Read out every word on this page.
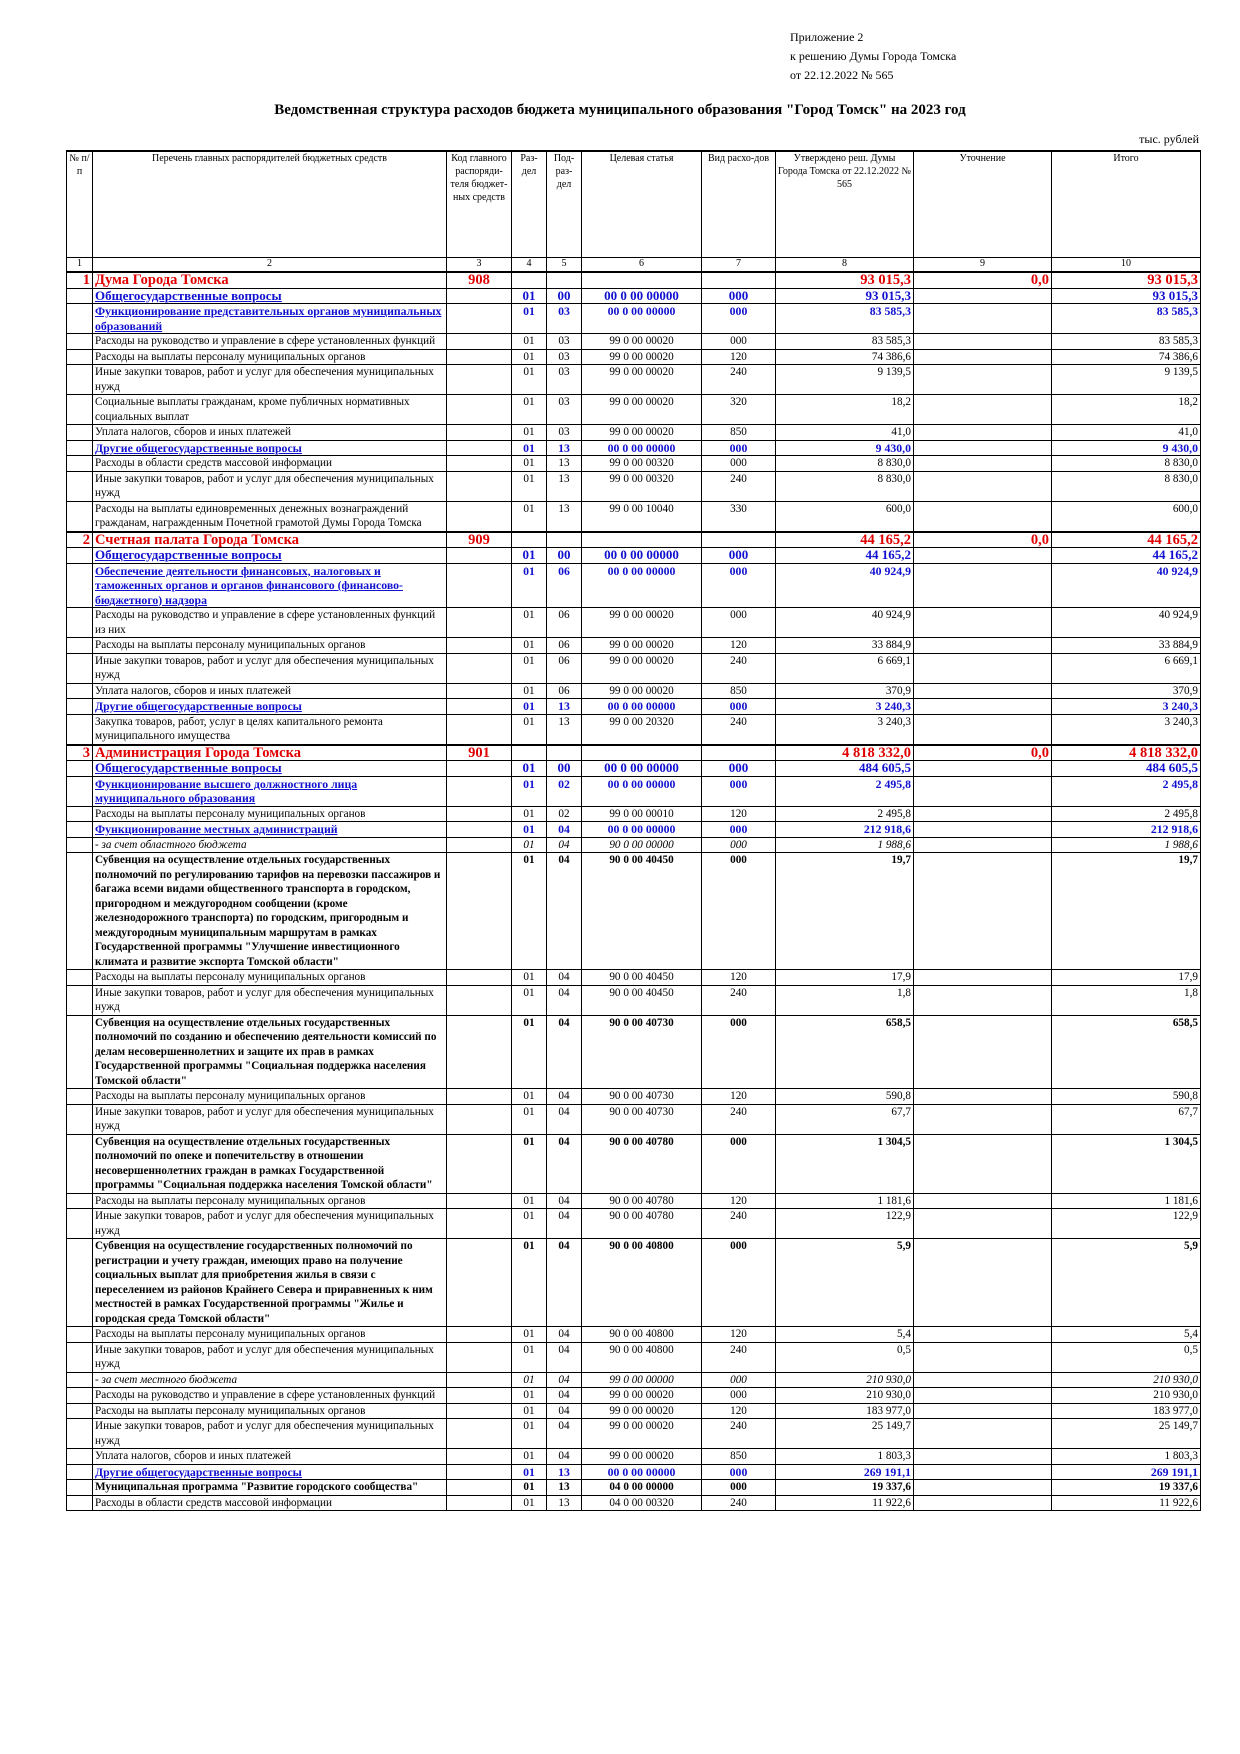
Приложение 2
к решению Думы Города Томска
от 22.12.2022 № 565
Ведомственная структура расходов бюджета муниципального образования "Город Томск" на 2023 год
тыс. рублей
№ п/п	Перечень главных распорядителей бюджетных средств	Код главного распоряди-теля бюджет-ных средств	Раз-дел	Под-раз-дел	Целевая статья	Вид расхо-дов	Утверждено реш. Думы Города Томска от 22.12.2022 № 565	Уточнение	Итого
1	2	3	4	5	6	7	8	9	10
1	Дума Города Томска	908					93 015,3	0,0	93 015,3
	Общегосударственные вопросы		01	00	00 0 00 00000	000	93 015,3		93 015,3
	Функционирование представительных органов муниципальных образований		01	03	00 0 00 00000	000	83 585,3		83 585,3
	Расходы на руководство и управление в сфере установленных функций		01	03	99 0 00 00020	000	83 585,3		83 585,3
	Расходы на выплаты персоналу муниципальных органов		01	03	99 0 00 00020	120	74 386,6		74 386,6
	Иные закупки товаров, работ и услуг для обеспечения муниципальных нужд		01	03	99 0 00 00020	240	9 139,5		9 139,5
	Социальные выплаты гражданам, кроме публичных нормативных социальных выплат		01	03	99 0 00 00020	320	18,2		18,2
	Уплата налогов, сборов и иных платежей		01	03	99 0 00 00020	850	41,0		41,0
	Другие общегосударственные вопросы		01	13	00 0 00 00000	000	9 430,0		9 430,0
	Расходы в области средств массовой информации		01	13	99 0 00 00320	000	8 830,0		8 830,0
	Иные закупки товаров, работ и услуг для обеспечения муниципальных нужд		01	13	99 0 00 00320	240	8 830,0		8 830,0
	Расходы на выплаты единовременных денежных вознаграждений гражданам, награжденным Почетной грамотой Думы Города Томска		01	13	99 0 00 10040	330	600,0		600,0
2	Счетная палата Города Томска	909					44 165,2	0,0	44 165,2
	Общегосударственные вопросы		01	00	00 0 00 00000	000	44 165,2		44 165,2
	Обеспечение деятельности финансовых, налоговых и таможенных органов и органов финансового (финансово-бюджетного) надзора		01	06	00 0 00 00000	000	40 924,9		40 924,9
	Расходы на руководство и управление в сфере установленных функций из них		01	06	99 0 00 00020	000	40 924,9		40 924,9
	Расходы на выплаты персоналу муниципальных органов		01	06	99 0 00 00020	120	33 884,9		33 884,9
	Иные закупки товаров, работ и услуг для обеспечения муниципальных нужд		01	06	99 0 00 00020	240	6 669,1		6 669,1
	Уплата налогов, сборов и иных платежей		01	06	99 0 00 00020	850	370,9		370,9
	Другие общегосударственные вопросы		01	13	00 0 00 00000	000	3 240,3		3 240,3
	Закупка товаров, работ, услуг в целях капитального ремонта муниципального имущества		01	13	99 0 00 20320	240	3 240,3		3 240,3
3	Администрация Города Томска	901					4 818 332,0	0,0	4 818 332,0
	Общегосударственные вопросы		01	00	00 0 00 00000	000	484 605,5		484 605,5
	Функционирование высшего должностного лица муниципального образования		01	02	00 0 00 00000	000	2 495,8		2 495,8
	Расходы на выплаты персоналу муниципальных органов		01	02	99 0 00 00010	120	2 495,8		2 495,8
	Функционирование местных администраций		01	04	00 0 00 00000	000	212 918,6		212 918,6
	- за счет областного бюджета		01	04	90 0 00 00000	000	1 988,6		1 988,6
	Субвенция на осуществление отдельных государственных полномочий по регулированию тарифов на перевозки пассажиров и багажа всеми видами общественного транспорта в городском, пригородном и междугородном сообщении (кроме железнодорожного транспорта) по городским, пригородным и междугородным муниципальным маршрутам в рамках Государственной программы "Улучшение инвестиционного климата и развитие экспорта Томской области"		01	04	90 0 00 40450	000	19,7		19,7
	Расходы на выплаты персоналу муниципальных органов		01	04	90 0 00 40450	120	17,9		17,9
	Иные закупки товаров, работ и услуг для обеспечения муниципальных нужд		01	04	90 0 00 40450	240	1,8		1,8
	Субвенция на осуществление отдельных государственных полномочий по созданию и обеспечению деятельности комиссий по делам несовершеннолетних и защите их прав в рамках Государственной программы "Социальная поддержка населения Томской области"		01	04	90 0 00 40730	000	658,5		658,5
	Расходы на выплаты персоналу муниципальных органов		01	04	90 0 00 40730	120	590,8		590,8
	Иные закупки товаров, работ и услуг для обеспечения муниципальных нужд		01	04	90 0 00 40730	240	67,7		67,7
	Субвенция на осуществление отдельных государственных полномочий по опеке и попечительству в отношении несовершеннолетних граждан в рамках Государственной программы "Социальная поддержка населения Томской области"		01	04	90 0 00 40780	000	1 304,5		1 304,5
	Расходы на выплаты персоналу муниципальных органов		01	04	90 0 00 40780	120	1 181,6		1 181,6
	Иные закупки товаров, работ и услуг для обеспечения муниципальных нужд		01	04	90 0 00 40780	240	122,9		122,9
	Субвенция на осуществление государственных полномочий по регистрации и учету граждан, имеющих право на получение социальных выплат для приобретения жилья в связи с переселением из районов Крайнего Севера и приравненных к ним местностей в рамках Государственной программы "Жилье и городская среда Томской области"		01	04	90 0 00 40800	000	5,9		5,9
	Расходы на выплаты персоналу муниципальных органов		01	04	90 0 00 40800	120	5,4		5,4
	Иные закупки товаров, работ и услуг для обеспечения муниципальных нужд		01	04	90 0 00 40800	240	0,5		0,5
	- за счет местного бюджета		01	04	99 0 00 00000	000	210 930,0		210 930,0
	Расходы на руководство и управление в сфере установленных функций		01	04	99 0 00 00020	000	210 930,0		210 930,0
	Расходы на выплаты персоналу муниципальных органов		01	04	99 0 00 00020	120	183 977,0		183 977,0
	Иные закупки товаров, работ и услуг для обеспечения муниципальных нужд		01	04	99 0 00 00020	240	25 149,7		25 149,7
	Уплата налогов, сборов и иных платежей		01	04	99 0 00 00020	850	1 803,3		1 803,3
	Другие общегосударственные вопросы		01	13	00 0 00 00000	000	269 191,1		269 191,1
	Муниципальная программа "Развитие городского сообщества"		01	13	04 0 00 00000	000	19 337,6		19 337,6
	Расходы в области средств массовой информации		01	13	04 0 00 00320	240	11 922,6		11 922,6
